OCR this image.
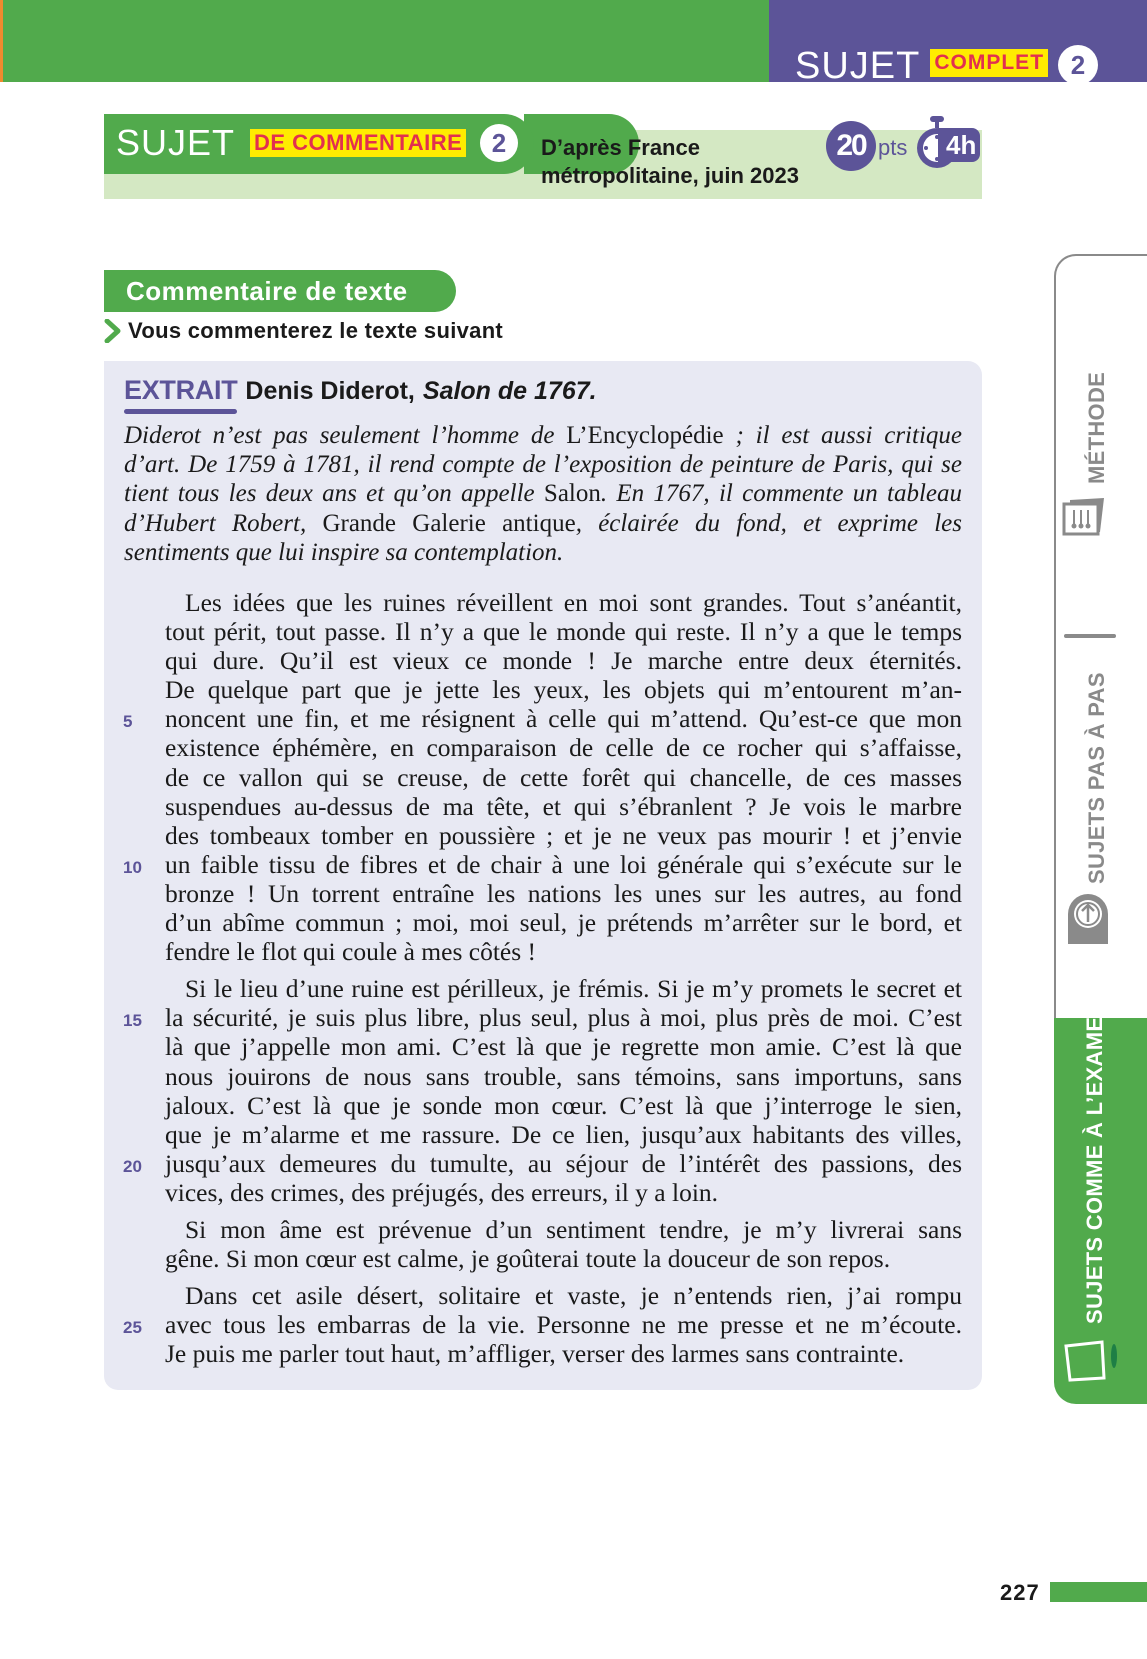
SUJET COMPLET	2
SUJET DE COMMENTAIRE	2	D’après France
métropolitaine, juin 2023
20 pts	4h
Commentaire de texte
Vous commenterez le texte suivant
EXTRAIT Denis Diderot, Salon de 1767.
Diderot n’est pas seulement l’homme de L’Encyclopédie ; il est aussi critique d’art. De 1759 à 1781, il rend compte de l’exposition de peinture de Paris, qui se tient tous les deux ans et qu’on appelle Salon. En 1767, il commente un tableau d’Hubert Robert, Grande Galerie antique, éclairée du fond, et exprime les sentiments que lui inspire sa contemplation.
Les idées que les ruines réveillent en moi sont grandes. Tout s’anéantit,
tout périt, tout passe. Il n’y a que le monde qui reste. Il n’y a que le temps
qui dure. Qu’il est vieux ce monde ! Je marche entre deux éternités.
De quelque part que je jette les yeux, les objets qui m’entourent m’an-
5	noncent une fin, et me résignent à celle qui m’attend. Qu’est-ce que mon
existence éphémère, en comparaison de celle de ce rocher qui s’affaisse,
de ce vallon qui se creuse, de cette forêt qui chancelle, de ces masses
suspendues au-dessus de ma tête, et qui s’ébranlent ? Je vois le marbre
des tombeaux tomber en poussière ; et je ne veux pas mourir ! et j’envie
10 un faible tissu de fibres et de chair à une loi générale qui s’exécute sur le
bronze ! Un torrent entraîne les nations les unes sur les autres, au fond
d’un abîme commun ; moi, moi seul, je prétends m’arrêter sur le bord, et
fendre le flot qui coule à mes côtés !
Si le lieu d’une ruine est périlleux, je frémis. Si je m’y promets le secret et
15 la sécurité, je suis plus libre, plus seul, plus à moi, plus près de moi. C’est
là que j’appelle mon ami. C’est là que je regrette mon amie. C’est là que
nous jouirons de nous sans trouble, sans témoins, sans importuns, sans
jaloux. C’est là que je sonde mon cœur. C’est là que j’interroge le sien,
que je m’alarme et me rassure. De ce lien, jusqu’aux habitants des villes,
20 jusqu’aux demeures du tumulte, au séjour de l’intérêt des passions, des
vices, des crimes, des préjugés, des erreurs, il y a loin.
Si mon âme est prévenue d’un sentiment tendre, je m’y livrerai sans
gêne. Si mon cœur est calme, je goûterai toute la douceur de son repos.
Dans cet asile désert, solitaire et vaste, je n’entends rien, j’ai rompu
25 avec tous les embarras de la vie. Personne ne me presse et ne m’écoute.
Je puis me parler tout haut, m’affliger, verser des larmes sans contrainte.
MÉTHODE
SUJETS PAS À PAS
SUJETS COMME À L’EXAMEN
227
